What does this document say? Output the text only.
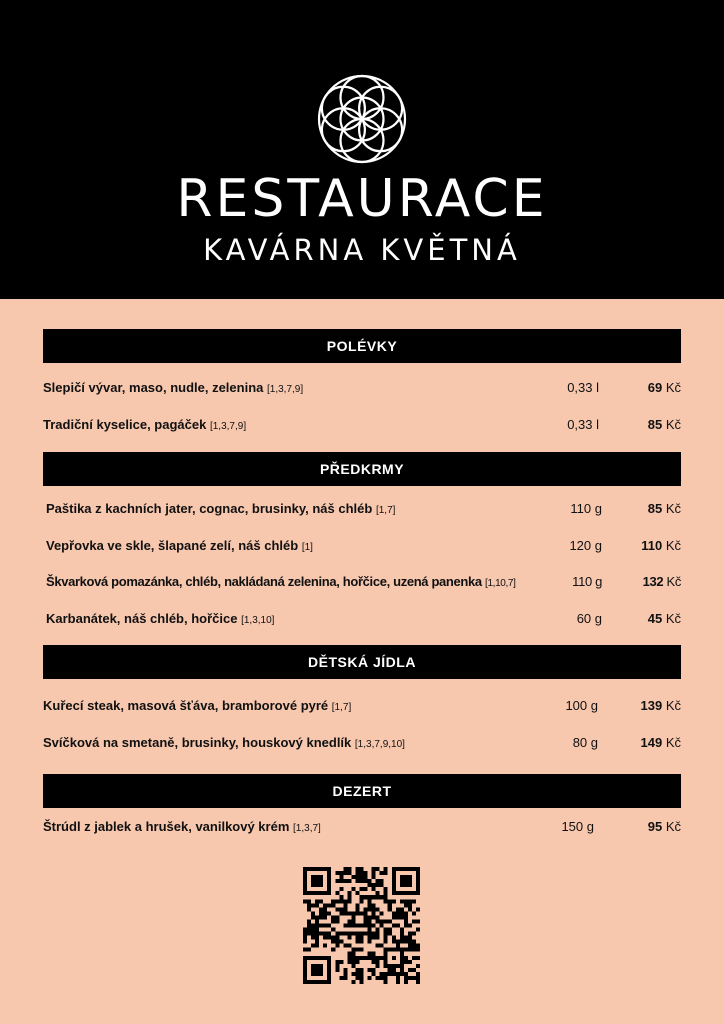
RESTAURACE
KAVÁRNA KVĚTNÁ
POLÉVKY
Slepičí vývar, maso, nudle, zelenina [1,3,7,9]	0,33 l	69 Kč
Tradiční kyselice, pagáček [1,3,7,9]	0,33 l	85 Kč
PŘEDKRMY
Paštika z kachních jater, cognac, brusinky, náš chléb [1,7]	110 g	85 Kč
Vepřovka ve skle, šlapané zelí, náš chléb [1]	120 g	110 Kč
Škvarková pomazánka, chléb, nakládaná zelenina, hořčice, uzená panenka [1,10,7]	110 g	132 Kč
Karbanátek, náš chléb, hořčice [1,3,10]	60 g	45 Kč
DĚTSKÁ JÍDLA
Kuřecí steak, masová šťáva, bramborové pyré [1,7]	100 g	139 Kč
Svíčková na smetaně, brusinky, houskový knedlík [1,3,7,9,10]	80 g	149 Kč
DEZERT
Štrúdl z jablek a hrušek, vanilkový krém [1,3,7]	150 g	95 Kč
